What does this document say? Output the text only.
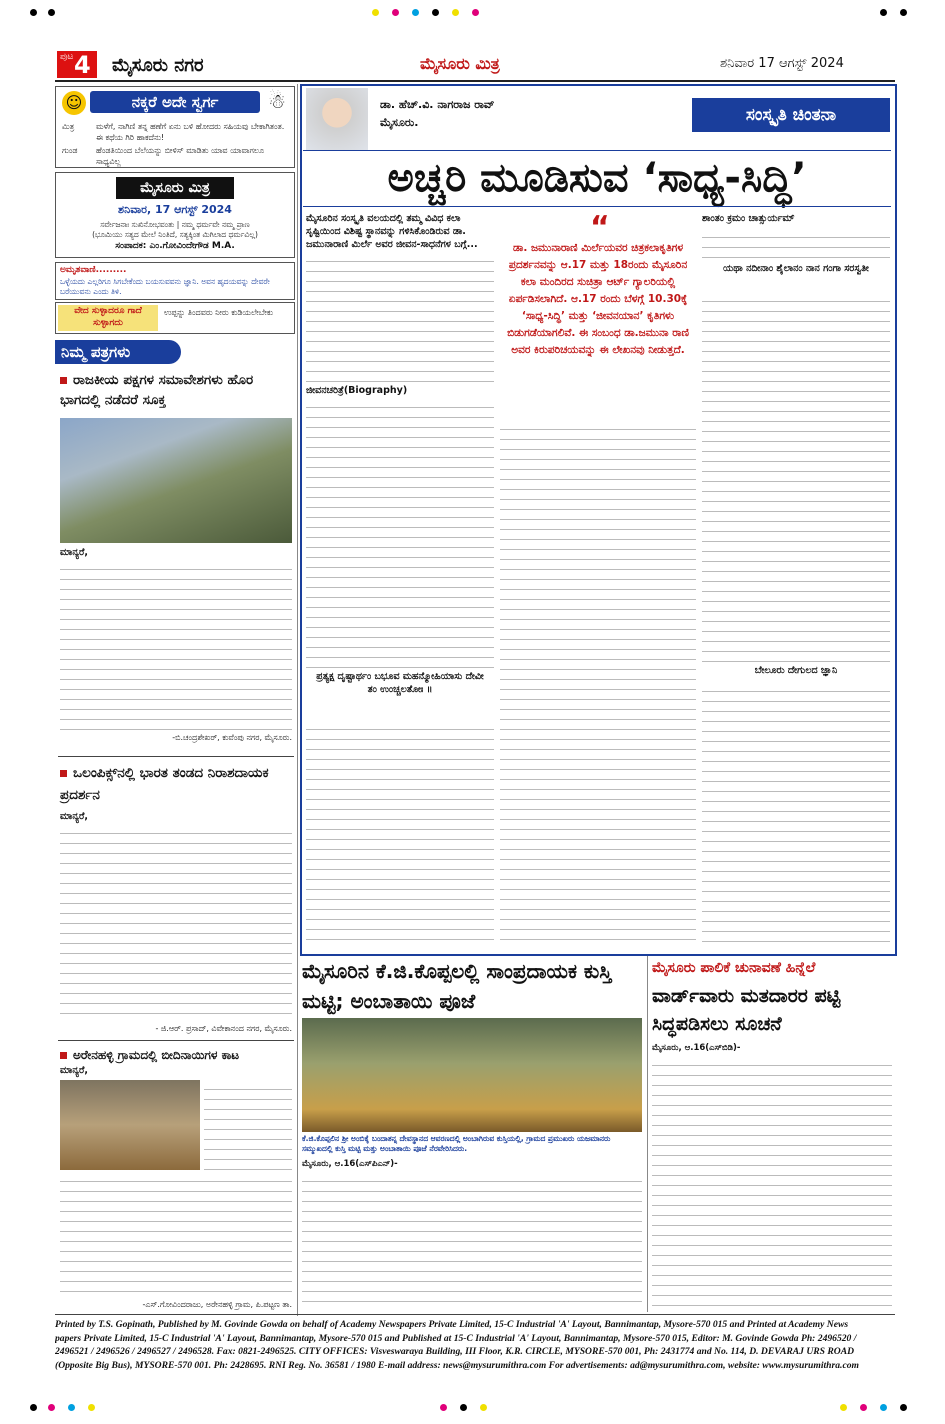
ಪುಟ 4 ಮೈಸೂರು ನಗರ	ಮೈಸೂರು ಮಿತ್ರ	ಶನಿವಾರ 17 ಆಗಸ್ಟ್ 2024
☺	ನಕ್ಕರೆ ಅದೇ ಸ್ವರ್ಗ	☃
ಮಿತ್ರ	ಮಳೆಗೆ, ನಾಗಿಣಿ ತನ್ನ ಹಣೆಗೆ ಏನು ಬಳಿ ಹೋದರು ಸಹಿಯವು ಬೇಕಾಗಿತಂತ. ಈ ಕಥೆಯ ಗಿರಿ ಹಾಕದೆನು!
ಗುಂಡ	ಹೆಂಡತಿಯಿಂದ ಬೆಲೆಯನ್ನು ಬೀಳಿಸ್ ಮಾಡಿತು ಯಾವ ಯಾವಾಗಲೂ ಸಾಧ್ಯವಿಲ್ಲ
ಮೈಸೂರು ಮಿತ್ರ
ಶನಿವಾರ, 17 ಆಗಸ್ಟ್ 2024
ಸರ್ವೇಜನಾಃ ಸುಖಿನೋಭವಂತು | ನಮ್ಮ ಧರ್ಮವೇ ನಮ್ಮ ಪ್ರಾಣ
(ಭೂಮಿಯು ಸತ್ಯದ ಮೇಲೆ ನಿಂತಿದೆ, ಸತ್ಯಕ್ಕಿಂತ ಮಿಗಿಲಾದ ಧರ್ಮವಿಲ್ಲ)
ಸಂಪಾದಕ: ಎಂ.ಗೋವಿಂದೇಗೌಡ M.A.
ಅಮೃತವಾಣಿ.........
ಒಳ್ಳೆಯದು ಎಲ್ಲರಿಗೂ ಸಿಗಬೇಕೆಂದು ಬಯಸುವವನು ಜ್ಞಾನಿ. ಅವನ ಹೃದಯವನ್ನು ದೇವರೇ ಬರೆಯುವನು ಎಂದು ತಿಳಿ.
ವೇದ ಸುಳ್ಳಾದರೂ ಗಾದೆ ಸುಳ್ಳಾಗದು
ಉಪ್ಪನ್ನು ತಿಂದವರು ನೀರು ಕುಡಿಯಲೇಬೇಕು
ನಿಮ್ಮ ಪತ್ರಗಳು
ರಾಜಕೀಯ ಪಕ್ಷಗಳ ಸಮಾವೇಶಗಳು ಹೊರ ಭಾಗದಲ್ಲಿ ನಡೆದರೆ ಸೂಕ್ತ
ಮಾನ್ಯರೆ,
-ಬಿ.ಚಂದ್ರಶೇಖರ್, ಕುವೆಂಪು ನಗರ, ಮೈಸೂರು.
ಒಲಂಪಿಕ್ಸ್‌ನಲ್ಲಿ ಭಾರತ ತಂಡದ ನಿರಾಶದಾಯಕ ಪ್ರದರ್ಶನ
ಮಾನ್ಯರೆ,
- ಜಿ.ಆರ್. ಪ್ರಸಾದ್, ವಿವೇಕಾನಂದ ನಗರ, ಮೈಸೂರು.
ಅರೇನಹಳ್ಳಿ ಗ್ರಾಮದಲ್ಲಿ ಬೀದಿನಾಯಿಗಳ ಕಾಟ
ಮಾನ್ಯರೆ,
-ಎಸ್.ಗೋವಿಂದರಾಜು, ಅರೇನಹಳ್ಳಿ ಗ್ರಾಮ, ಪಿ.ಪಟ್ಟಣ ತಾ.
ಡಾ. ಹೆಚ್.ವಿ. ನಾಗರಾಜ ರಾವ್
ಮೈಸೂರು.	ಸಂಸ್ಕೃತಿ ಚಿಂತನಾ
ಅಚ್ಚರಿ ಮೂಡಿಸುವ ‘ಸಾಧ್ಯ-ಸಿದ್ಧಿ’
ಮೈಸೂರಿನ ಸಂಸ್ಕೃತಿ ವಲಯದಲ್ಲಿ ತಮ್ಮ ವಿವಿಧ ಕಲಾ ಸೃಷ್ಟಿಯಿಂದ ವಿಶಿಷ್ಟ ಸ್ಥಾನವನ್ನು ಗಳಿಸಿಕೊಂಡಿರುವ ಡಾ. ಜಮುನಾರಾಣಿ ಮಿರ್ಲೆ ಅವರ ಜೀವನ-ಸಾಧನೆಗಳ ಬಗ್ಗೆ...
ಜೀವನಚರಿತ್ರೆ(Biography)
ಪ್ರತ್ಯಕ್ಷ ದೃಷ್ಟಾರ್ಥಂ ಬಭೂವ ಮಹನ್ಮೋಹಿಯಾಸು ದೇವೀ ತಂ ಉಂಚ್ಚಲತೋಃ ॥
“
ಡಾ. ಜಮುನಾರಾಣಿ ಮಿರ್ಲೆಯವರ ಚಿತ್ರಕಲಾಕೃತಿಗಳ ಪ್ರದರ್ಶನವನ್ನು ಆ.17 ಮತ್ತು 18ರಂದು ಮೈಸೂರಿನ ಕಲಾ ಮಂದಿರದ ಸುಚಿತ್ರಾ ಆರ್ಟ್ ಗ್ಯಾಲರಿಯಲ್ಲಿ ಏರ್ಪಡಿಸಲಾಗಿದೆ. ಆ.17 ರಂದು ಬೆಳಗ್ಗೆ 10.30ಕ್ಕೆ ‘ಸಾಧ್ಯ-ಸಿದ್ಧಿ’ ಮತ್ತು ‘ಜೀವನಯಾನ’ ಕೃತಿಗಳು ಬಿಡುಗಡೆಯಾಗಲಿವೆ. ಈ ಸಂಬಂಧ ಡಾ.ಜಮುನಾ ರಾಣಿ ಅವರ ಕಿರುಪರಿಚಯವನ್ನು ಈ ಲೇಖನವು ನೀಡುತ್ತದೆ.
ಶಾಂತಂ ಕ್ರಮಂ ಚಾತ್ಸುರ್ಯಮ್
ಯಥಾ ನದೀನಾಂ ಶೈಲಾನಂ ನಾನ ಗಂಗಾ ಸರಸ್ವತೀ
ಬೇಲೂರು ದೇಗುಲದ ಜ್ಞಾನಿ
ಮೈಸೂರಿನ ಕೆ.ಜಿ.ಕೊಪ್ಪಲಲ್ಲಿ ಸಾಂಪ್ರದಾಯಕ ಕುಸ್ತಿ ಮಟ್ಟಿ; ಅಂಬಾತಾಯಿ ಪೂಜೆ
ಕೆ.ಜಿ.ಕೊಪ್ಪಲಿನ ಶ್ರೀ ಅಂಬಿಕೈ ಬಂದಾತನ್ನ ದೇವಸ್ಥಾನದ ಆವರಣದಲ್ಲಿ ಅಂಬಾಗಿರುವ ಕುಸ್ತಿಯಲ್ಲಿ, ಗ್ರಾಮದ ಪ್ರಮುಖರು ಯಜಮಾನರು ಸಮ್ಮುಖದಲ್ಲಿ ಕುಸ್ತಿ ಮಟ್ಟಿ ಮತ್ತು ಅಂಬಾತಾಯಿ ಪೂಜೆ ನೆರವೇರಿಸಿದರು.
ಮೈಸೂರು, ಆ.16(ಎಸ್‌ಪಿಎನ್)-
ಮೈಸೂರು ಪಾಲಿಕೆ ಚುನಾವಣೆ ಹಿನ್ನೆಲೆ
ವಾರ್ಡ್‌ವಾರು ಮತದಾರರ ಪಟ್ಟಿ ಸಿದ್ಧಪಡಿಸಲು ಸೂಚನೆ
ಮೈಸೂರು, ಆ.16(ಎಸ್‌ಬಿಡಿ)-
Printed by T.S. Gopinath, Published by M. Govinde Gowda on behalf of Academy Newspapers Private Limited, 15-C Industrial 'A' Layout, Bannimantap, Mysore-570 015 and Printed at Academy News
papers Private Limited, 15-C Industrial 'A' Layout, Bannimantap, Mysore-570 015 and Published at 15-C Industrial 'A' Layout, Bannimantap, Mysore-570 015, Editor: M. Govinde Gowda Ph: 2496520 /
2496521 / 2496526 / 2496527 / 2496528. Fax: 0821-2496525. CITY OFFICES: Visveswaraya Building, III Floor, K.R. CIRCLE, MYSORE-570 001, Ph: 2431774 and No. 114, D. DEVARAJ URS ROAD
(Opposite Big Bus), MYSORE-570 001. Ph: 2428695. RNI Reg. No. 36581 / 1980 E-mail address: news@mysurumithra.com For advertisements: ad@mysurumithra.com, website: www.mysurumithra.com
